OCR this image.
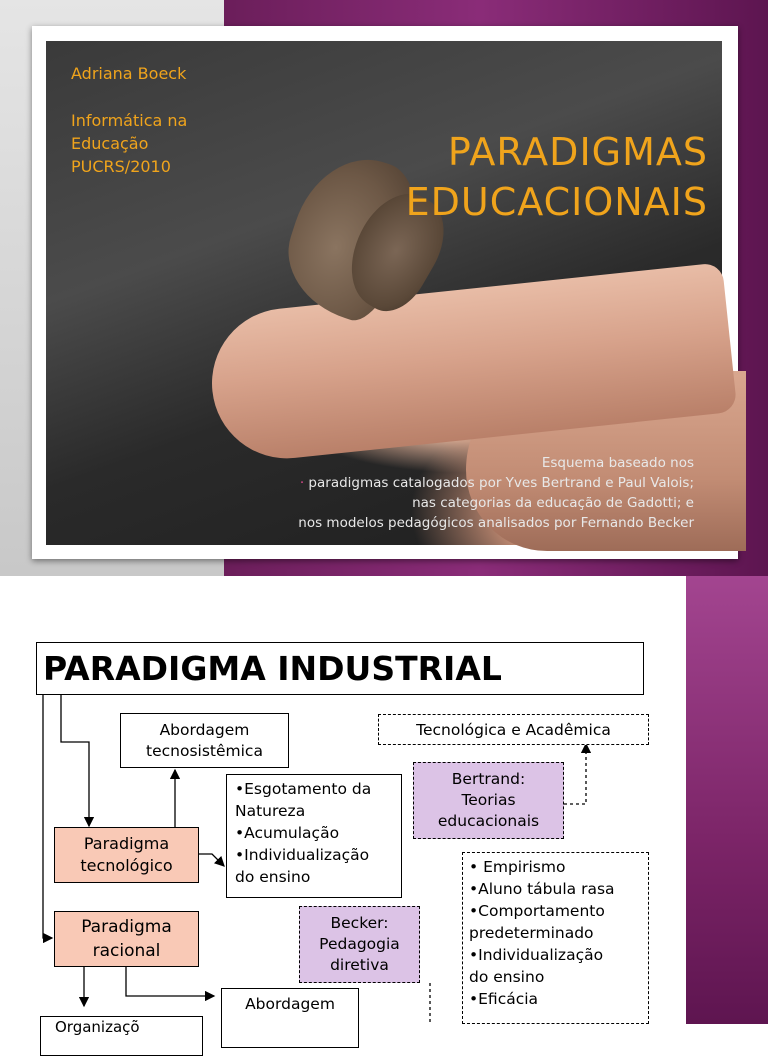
Adriana Boeck
Informática na
Educação
PUCRS/2010	PARADIGMAS
EDUCACIONAIS
Esquema baseado nos
· paradigmas catalogados por Yves Bertrand e Paul Valois;
nas categorias da educação de Gadotti; e
nos modelos pedagógicos analisados por Fernando Becker
PARADIGMA INDUSTRIAL
Abordagem
tecnosistêmica
Tecnológica e Acadêmica
Bertrand:
Teorias
educacionais
•Esgotamento da
Natureza
•Acumulação
•Individualização
do ensino
Paradigma
tecnológico	• Empirismo
•Aluno tábula rasa
•Comportamento
predeterminado
•Individualização
do ensino
•Eficácia
Paradigma
racional
Becker:
Pedagogia
diretiva
Abordagem
Organizaçõ
